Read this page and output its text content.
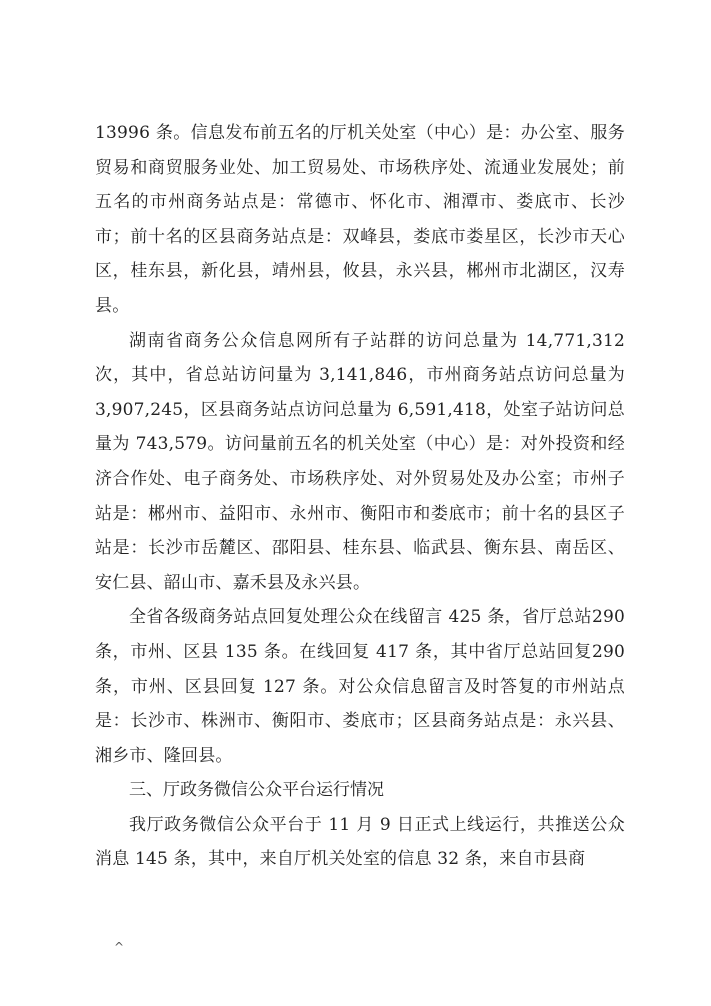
13996 条。信息发布前五名的厅机关处室（中心）是：办公室、服务贸易和商贸服务业处、加工贸易处、市场秩序处、流通业发展处；前五名的市州商务站点是：常德市、怀化市、湘潭市、娄底市、长沙市；前十名的区县商务站点是：双峰县，娄底市娄星区，长沙市天心区，桂东县，新化县，靖州县，攸县，永兴县，郴州市北湖区，汉寿县。

湖南省商务公众信息网所有子站群的访问总量为 14,771,312次，其中，省总站访问量为 3,141,846，市州商务站点访问总量为3,907,245，区县商务站点访问总量为 6,591,418，处室子站访问总量为 743,579。访问量前五名的机关处室（中心）是：对外投资和经济合作处、电子商务处、市场秩序处、对外贸易处及办公室；市州子站是：郴州市、益阳市、永州市、衡阳市和娄底市；前十名的县区子站是：长沙市岳麓区、邵阳县、桂东县、临武县、衡东县、南岳区、安仁县、韶山市、嘉禾县及永兴县。

全省各级商务站点回复处理公众在线留言 425 条，省厅总站290 条，市州、区县 135 条。在线回复 417 条，其中省厅总站回复290 条，市州、区县回复 127 条。对公众信息留言及时答复的市州站点是：长沙市、株洲市、衡阳市、娄底市；区县商务站点是：永兴县、湘乡市、隆回县。

三、厅政务微信公众平台运行情况

我厅政务微信公众平台于 11 月 9 日正式上线运行，共推送公众消息 145 条，其中，来自厅机关处室的信息 32 条，来自市县商

^
